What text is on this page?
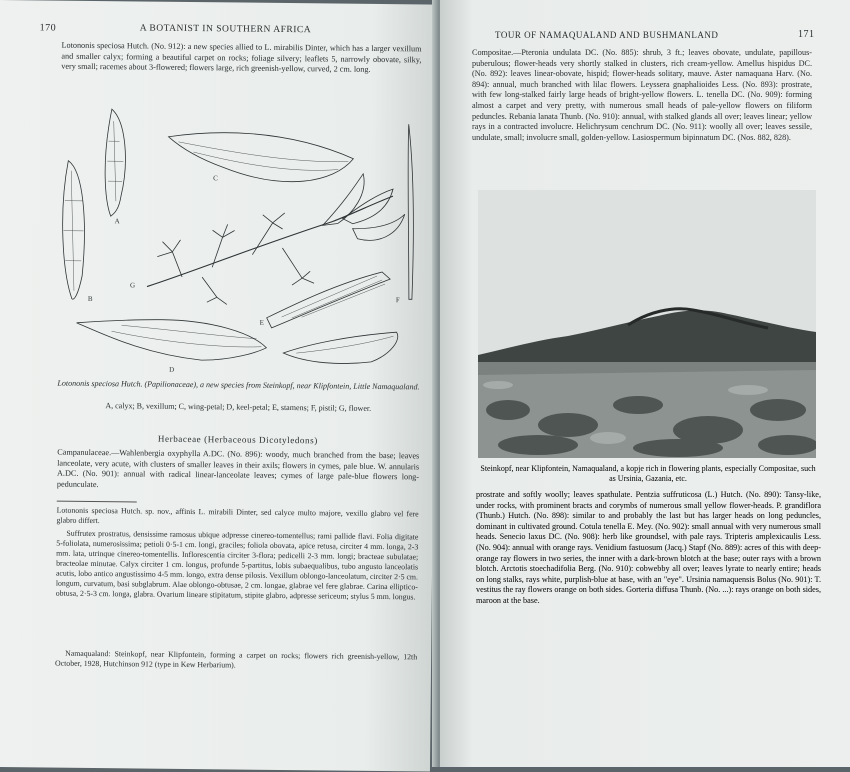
170	A BOTANIST IN SOUTHERN AFRICA
Lotononis speciosa Hutch. (No. 912): a new species allied to L. mirabilis Dinter, which has a larger vexillum and smaller calyx; forming a beautiful carpet on rocks; foliage silvery; leaflets 5, narrowly obovate, silky, very small; racemes about 3-flowered; flowers large, rich greenish-yellow, curved, 2 cm. long.
A
B
C
D
E
F
G
Lotononis speciosa Hutch. (Papilionaceae), a new species from Steinkopf, near Klipfontein, Little Namaqualand.
A, calyx; B, vexillum; C, wing-petal; D, keel-petal; E, stamens; F, pistil; G, flower.
Herbaceae (Herbaceous Dicotyledons)
Campanulaceae.—Wahlenbergia oxyphylla A.DC. (No. 896): woody, much branched from the base; leaves lanceolate, very acute, with clusters of smaller leaves in their axils; flowers in cymes, pale blue. W. annularis A.DC. (No. 901): annual with radical linear-lanceolate leaves; cymes of large pale-blue flowers long-pedunculate.
Lotononis speciosa Hutch. sp. nov., affinis L. mirabili Dinter, sed calyce multo majore, vexillo glabro vel fere glabro differt.
Suffrutex prostratus, densissime ramosus ubique adpresse cinereo-tomentellus; rami pallide flavi. Folia digitate 5-foliolata, numerosissima; petioli 0·5-1 cm. longi, graciles; foliola obovata, apice retusa, circiter 4 mm. longa, 2-3 mm. lata, utrinque cinereo-tomentellis. Inflorescentia circiter 3-flora; pedicelli 2-3 mm. longi; bracteae subulatae; bracteolae minutae. Calyx circiter 1 cm. longus, profunde 5-partitus, lobis subaequalibus, tubo angusto lanceolatis acutis, lobo antico angustissimo 4-5 mm. longo, extra dense pilosis. Vexillum oblongo-lanceolatum, circiter 2·5 cm. longum, curvatum, basi subglabrum. Alae oblongo-obtusae, 2 cm. longae, glabrae vel fere glabrae. Carina elliptico-obtusa, 2·5-3 cm. longa, glabra. Ovarium lineare stipitatum, stipite glabro, adpresse sericeum; stylus 5 mm. longus.
Namaqualand: Steinkopf, near Klipfontein, forming a carpet on rocks; flowers rich greenish-yellow, 12th October, 1928, Hutchinson 912 (type in Kew Herbarium).
TOUR OF NAMAQUALAND AND BUSHMANLAND	171
Compositae.—Pteronia undulata DC. (No. 885): shrub, 3 ft.; leaves obovate, undulate, papillous-puberulous; flower-heads very shortly stalked in clusters, rich cream-yellow. Amellus hispidus DC. (No. 892): leaves linear-obovate, hispid; flower-heads solitary, mauve. Aster namaquana Harv. (No. 894): annual, much branched with lilac flowers. Leyssera gnaphalioides Less. (No. 893): prostrate, with few long-stalked fairly large heads of bright-yellow flowers. L. tenella DC. (No. 909): forming almost a carpet and very pretty, with numerous small heads of pale-yellow flowers on filiform peduncles. Rebania lanata Thunb. (No. 910): annual, with stalked glands all over; leaves linear; yellow rays in a contracted involucre. Helichrysum cenchrum DC. (No. 911): woolly all over; leaves sessile, undulate, small; involucre small, golden-yellow. Lasiospermum bipinnatum DC. (Nos. 882, 828).
Steinkopf, near Klipfontein, Namaqualand, a kopje rich in flowering plants, especially Compositae, such as Ursinia, Gazania, etc.
prostrate and softly woolly; leaves spathulate. Pentzia suffruticosa (L.) Hutch. (No. 890): Tansy-like, under rocks, with prominent bracts and corymbs of numerous small yellow flower-heads. P. grandiflora (Thunb.) Hutch. (No. 898): similar to and probably the last but has larger heads on long peduncles, dominant in cultivated ground. Cotula tenella E. Mey. (No. 902): small annual with very numerous small heads. Senecio laxus DC. (No. 908): herb like groundsel, with pale rays. Tripteris amplexicaulis Less. (No. 904): annual with orange rays. Venidium fastuosum (Jacq.) Stapf (No. 889): acres of this with deep-orange ray flowers in two series, the inner with a dark-brown blotch at the base; outer rays with a brown blotch. Arctotis stoechadifolia Berg. (No. 910): cobwebby all over; leaves lyrate to nearly entire; heads on long stalks, rays white, purplish-blue at base, with an "eye". Ursinia namaquensis Bolus (No. 901): T. vestitus the ray flowers orange on both sides. Gorteria diffusa Thunb. (No. ...): rays orange on both sides, maroon at the base.
